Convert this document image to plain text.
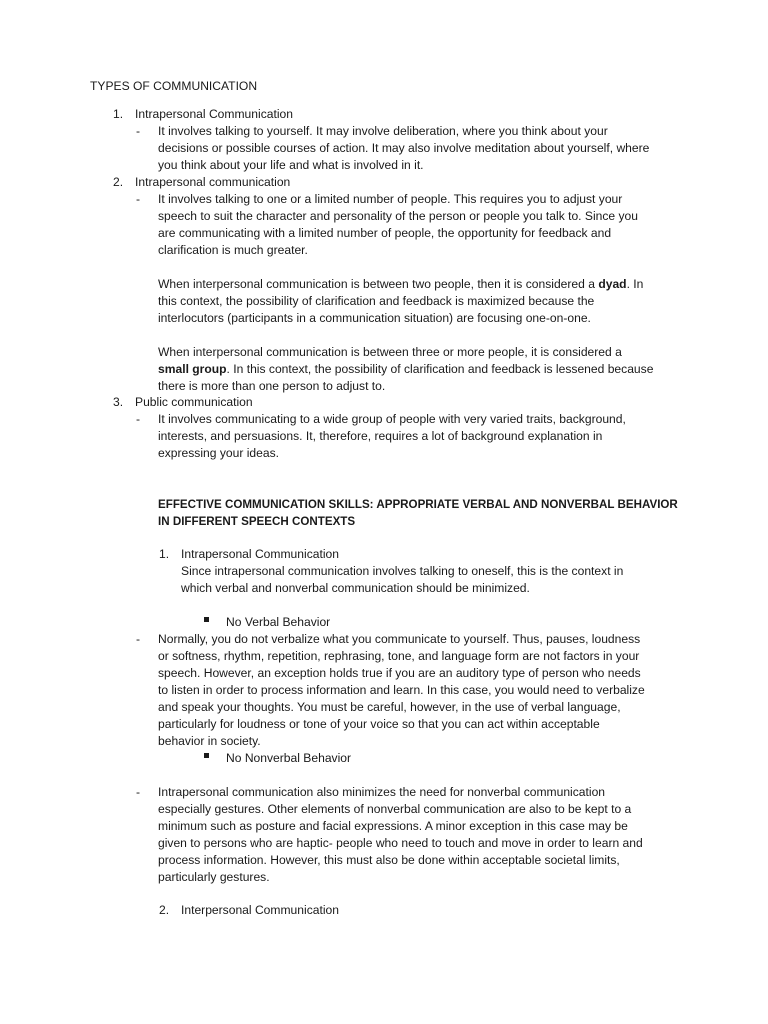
TYPES OF COMMUNICATION
1. Intrapersonal Communication
- It involves talking to yourself. It may involve deliberation, where you think about your
decisions or possible courses of action. It may also involve meditation about yourself, where
you think about your life and what is involved in it.
2. Intrapersonal communication
- It involves talking to one or a limited number of people. This requires you to adjust your
speech to suit the character and personality of the person or people you talk to. Since you
are communicating with a limited number of people, the opportunity for feedback and
clarification is much greater.
When interpersonal communication is between two people, then it is considered a dyad. In
this context, the possibility of clarification and feedback is maximized because the
interlocutors (participants in a communication situation) are focusing one-on-one.
When interpersonal communication is between three or more people, it is considered a
small group. In this context, the possibility of clarification and feedback is lessened because
there is more than one person to adjust to.
3. Public communication
- It involves communicating to a wide group of people with very varied traits, background,
interests, and persuasions. It, therefore, requires a lot of background explanation in
expressing your ideas.
EFFECTIVE COMMUNICATION SKILLS: APPROPRIATE VERBAL AND NONVERBAL BEHAVIOR
IN DIFFERENT SPEECH CONTEXTS
1. Intrapersonal Communication
Since intrapersonal communication involves talking to oneself, this is the context in
which verbal and nonverbal communication should be minimized.
No Verbal Behavior
- Normally, you do not verbalize what you communicate to yourself. Thus, pauses, loudness
or softness, rhythm, repetition, rephrasing, tone, and language form are not factors in your
speech. However, an exception holds true if you are an auditory type of person who needs
to listen in order to process information and learn. In this case, you would need to verbalize
and speak your thoughts. You must be careful, however, in the use of verbal language,
particularly for loudness or tone of your voice so that you can act within acceptable
behavior in society.
No Nonverbal Behavior
- Intrapersonal communication also minimizes the need for nonverbal communication
especially gestures. Other elements of nonverbal communication are also to be kept to a
minimum such as posture and facial expressions. A minor exception in this case may be
given to persons who are haptic- people who need to touch and move in order to learn and
process information. However, this must also be done within acceptable societal limits,
particularly gestures.
2. Interpersonal Communication
